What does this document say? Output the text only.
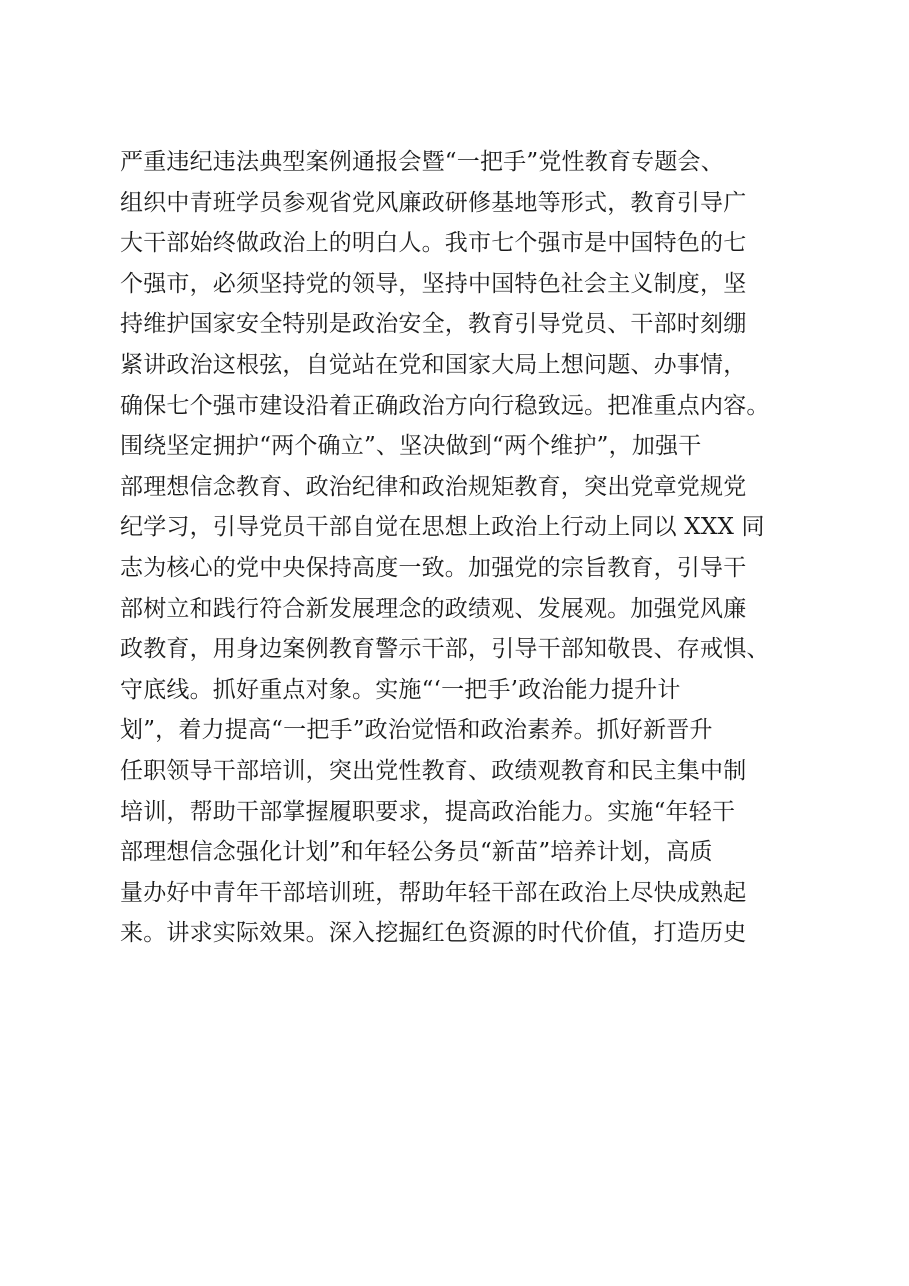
严重违纪违法典型案例通报会暨“一把手”党性教育专题会、
组织中青班学员参观省党风廉政研修基地等形式，教育引导广
大干部始终做政治上的明白人。我市七个强市是中国特色的七
个强市，必须坚持党的领导，坚持中国特色社会主义制度，坚
持维护国家安全特别是政治安全，教育引导党员、干部时刻绷
紧讲政治这根弦，自觉站在党和国家大局上想问题、办事情，
确保七个强市建设沿着正确政治方向行稳致远。把准重点内容。
围绕坚定拥护“两个确立”、坚决做到“两个维护”，加强干
部理想信念教育、政治纪律和政治规矩教育，突出党章党规党
纪学习，引导党员干部自觉在思想上政治上行动上同以 XXX 同
志为核心的党中央保持高度一致。加强党的宗旨教育，引导干
部树立和践行符合新发展理念的政绩观、发展观。加强党风廉
政教育，用身边案例教育警示干部，引导干部知敬畏、存戒惧、
守底线。抓好重点对象。实施“‘一把手’政治能力提升计
划”，着力提高“一把手”政治觉悟和政治素养。抓好新晋升
任职领导干部培训，突出党性教育、政绩观教育和民主集中制
培训，帮助干部掌握履职要求，提高政治能力。实施“年轻干
部理想信念强化计划”和年轻公务员“新苗”培养计划，高质
量办好中青年干部培训班，帮助年轻干部在政治上尽快成熟起
来。讲求实际效果。深入挖掘红色资源的时代价值，打造历史
